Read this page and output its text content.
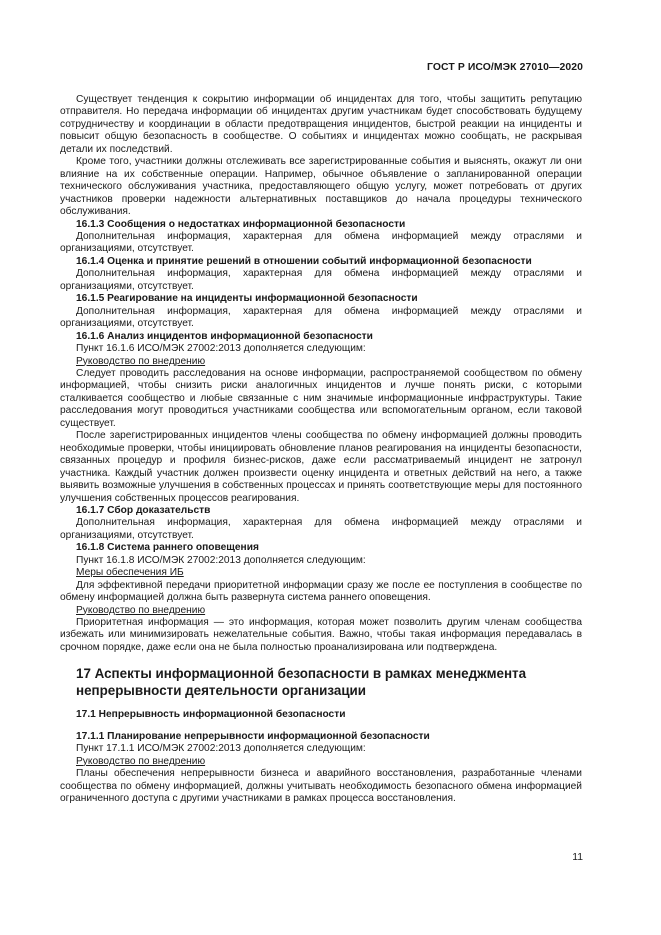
ГОСТ Р ИСО/МЭК 27010—2020

Существует тенденция к сокрытию информации об инцидентах для того, чтобы защитить репутацию отправителя. Но передача информации об инцидентах другим участникам будет способствовать будущему сотрудничеству и координации в области предотвращения инцидентов, быстрой реакции на инциденты и повысит общую безопасность в сообществе. О событиях и инцидентах можно сообщать, не раскрывая детали их последствий.

Кроме того, участники должны отслеживать все зарегистрированные события и выяснять, окажут ли они влияние на их собственные операции. Например, обычное объявление о запланированной операции технического обслуживания участника, предоставляющего общую услугу, может потребовать от других участников проверки надежности альтернативных поставщиков до начала процедуры технического обслуживания.

16.1.3 Сообщения о недостатках информационной безопасности

Дополнительная информация, характерная для обмена информацией между отраслями и организациями, отсутствует.

16.1.4 Оценка и принятие решений в отношении событий информационной безопасности

Дополнительная информация, характерная для обмена информацией между отраслями и организациями, отсутствует.

16.1.5 Реагирование на инциденты информационной безопасности

Дополнительная информация, характерная для обмена информацией между отраслями и организациями, отсутствует.

16.1.6 Анализ инцидентов информационной безопасности

Пункт 16.1.6 ИСО/МЭК 27002:2013 дополняется следующим:

Руководство по внедрению

Следует проводить расследования на основе информации, распространяемой сообществом по обмену информацией, чтобы снизить риски аналогичных инцидентов и лучше понять риски, с которыми сталкивается сообщество и любые связанные с ним значимые информационные инфраструктуры. Такие расследования могут проводиться участниками сообщества или вспомогательным органом, если таковой существует.

После зарегистрированных инцидентов члены сообщества по обмену информацией должны проводить необходимые проверки, чтобы инициировать обновление планов реагирования на инциденты безопасности, связанных процедур и профиля бизнес-рисков, даже если рассматриваемый инцидент не затронул участника. Каждый участник должен произвести оценку инцидента и ответных действий на него, а также выявить возможные улучшения в собственных процессах и принять соответствующие меры для постоянного улучшения собственных процессов реагирования.

16.1.7 Сбор доказательств

Дополнительная информация, характерная для обмена информацией между отраслями и организациями, отсутствует.

16.1.8 Система раннего оповещения

Пункт 16.1.8 ИСО/МЭК 27002:2013 дополняется следующим:

Меры обеспечения ИБ

Для эффективной передачи приоритетной информации сразу же после ее поступления в сообществе по обмену информацией должна быть развернута система раннего оповещения.

Руководство по внедрению

Приоритетная информация — это информация, которая может позволить другим членам сообщества избежать или минимизировать нежелательные события. Важно, чтобы такая информация передавалась в срочном порядке, даже если она не была полностью проанализирована или подтверждена.

17 Аспекты информационной безопасности в рамках менеджмента непрерывности деятельности организации

17.1 Непрерывность информационной безопасности

17.1.1 Планирование непрерывности информационной безопасности

Пункт 17.1.1 ИСО/МЭК 27002:2013 дополняется следующим:

Руководство по внедрению

Планы обеспечения непрерывности бизнеса и аварийного восстановления, разработанные членами сообщества по обмену информацией, должны учитывать необходимость безопасного обмена информацией ограниченного доступа с другими участниками в рамках процесса восстановления.

11
